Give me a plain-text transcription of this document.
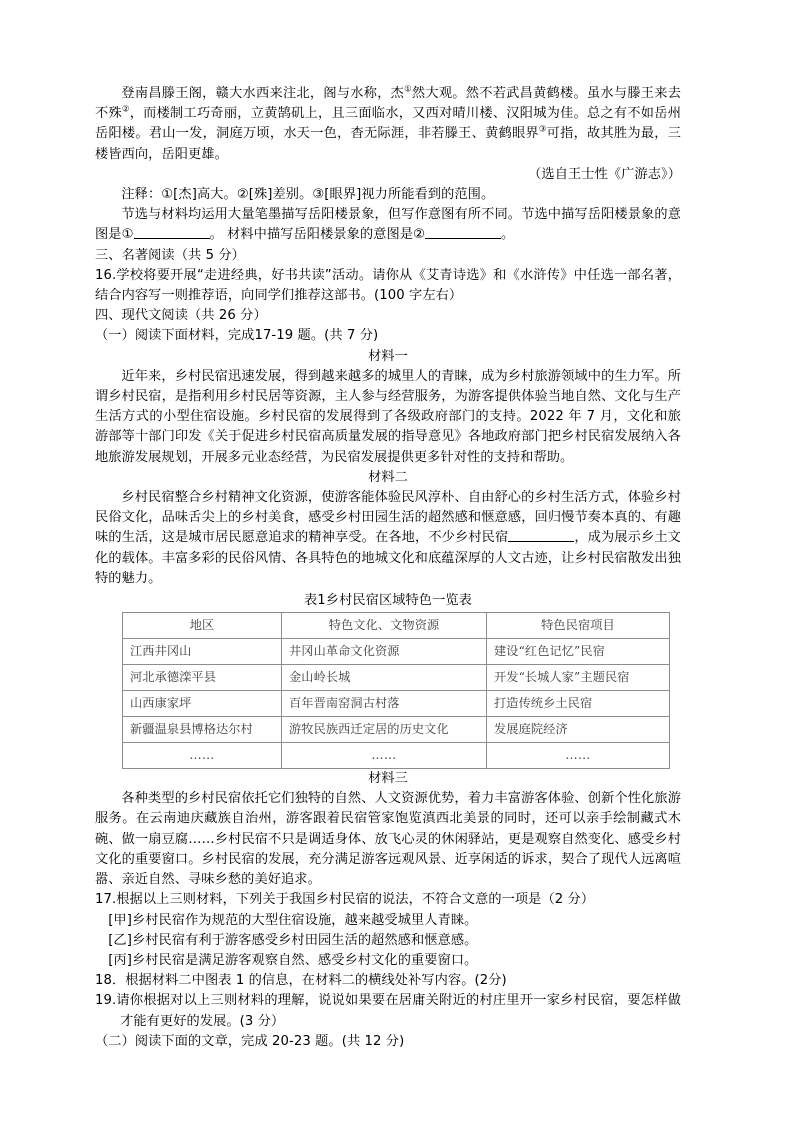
登南昌滕王阁，赣大水西来注北，阁与水称，杰①然大观。然不若武昌黄鹤楼。虽水与滕王来去不殊②，而楼制工巧奇丽，立黄鹄矶上，且三面临水，又西对晴川楼、汉阳城为佳。总之有不如岳州岳阳楼。君山一发，洞庭万顷，水天一色，杳无际涯，非若滕王、黄鹤眼界③可指，故其胜为最，三楼皆西向，岳阳更雄。

（选自王士性《广游志》）

注释：①[杰]高大。②[殊]差别。③[眼界]视力所能看到的范围。

节选与材料均运用大量笔墨描写岳阳楼景象，但写作意图有所不同。节选中描写岳阳楼景象的意图是①	。 材料中描写岳阳楼景象的意图是②	。

三、名著阅读（共 5 分）

16.学校将要开展“走进经典，好书共读”活动。请你从《艾青诗选》和《水浒传》中任选一部名著，结合内容写一则推荐语，向同学们推荐这部书。(100 字左右）

四、现代文阅读（共 26 分）

（一）阅读下面材料，完成17-19 题。(共 7 分)

材料一

近年来，乡村民宿迅速发展，得到越来越多的城里人的青睐，成为乡村旅游领域中的生力军。所谓乡村民宿，是指利用乡村民居等资源，主人参与经营服务，为游客提供体验当地自然、文化与生产生活方式的小型住宿设施。乡村民宿的发展得到了各级政府部门的支持。2022 年 7 月，文化和旅游部等十部门印发《关于促进乡村民宿高质量发展的指导意见》各地政府部门把乡村民宿发展纳入各地旅游发展规划，开展多元业态经营，为民宿发展提供更多针对性的支持和帮助。

材料二

乡村民宿整合乡村精神文化资源，使游客能体验民风淳朴、自由舒心的乡村生活方式，体验乡村民俗文化，品味舌尖上的乡村美食，感受乡村田园生活的超然感和惬意感，回归慢节奏本真的、有趣味的生活，这是城市居民愿意追求的精神享受。在各地，不少乡村民宿	，成为展示乡土文化的载体。丰富多彩的民俗风情、各具特色的地城文化和底蕴深厚的人文古迹，让乡村民宿散发出独特的魅力。

表1乡村民宿区域特色一览表

地区	特色文化、文物资源	特色民宿项目
江西井冈山	井冈山革命文化资源	建设“红色记忆”民宿
河北承德滦平县	金山岭长城	开发“长城人家”主题民宿
山西康家坪	百年晋南窑洞古村落	打造传统乡土民宿
新疆温泉县博格达尔村	游牧民族西迁定居的历史文化	发展庭院经济
……	……	……

材料三

各种类型的乡村民宿依托它们独特的自然、人文资源优势，着力丰富游客体验、创新个性化旅游服务。在云南迪庆藏族自治州，游客跟着民宿管家饱览滇西北美景的同时，还可以亲手绘制藏式木碗、做一扇豆腐……乡村民宿不只是调适身体、放飞心灵的休闲驿站，更是观察自然变化、感受乡村文化的重要窗口。乡村民宿的发展，充分满足游客远观风景、近享闲适的诉求，契合了现代人远离喧嚣、亲近自然、寻味乡愁的美好追求。

17.根据以上三则材料，下列关于我国乡村民宿的说法，不符合文意的一项是（2 分）

[甲]乡村民宿作为规范的大型住宿设施，越来越受城里人青睐。

[乙]乡村民宿有利于游客感受乡村田园生活的超然感和惬意感。

[丙]乡村民宿是满足游客观察自然、感受乡村文化的重要窗口。

18．根据材料二中图表 1 的信息，在材料二的横线处补写内容。(2分)

19.请你根据对以上三则材料的理解，说说如果要在居庸关附近的村庄里开一家乡村民宿，要怎样做才能有更好的发展。(3 分）

（二）阅读下面的文章，完成 20-23 题。(共 12 分)
